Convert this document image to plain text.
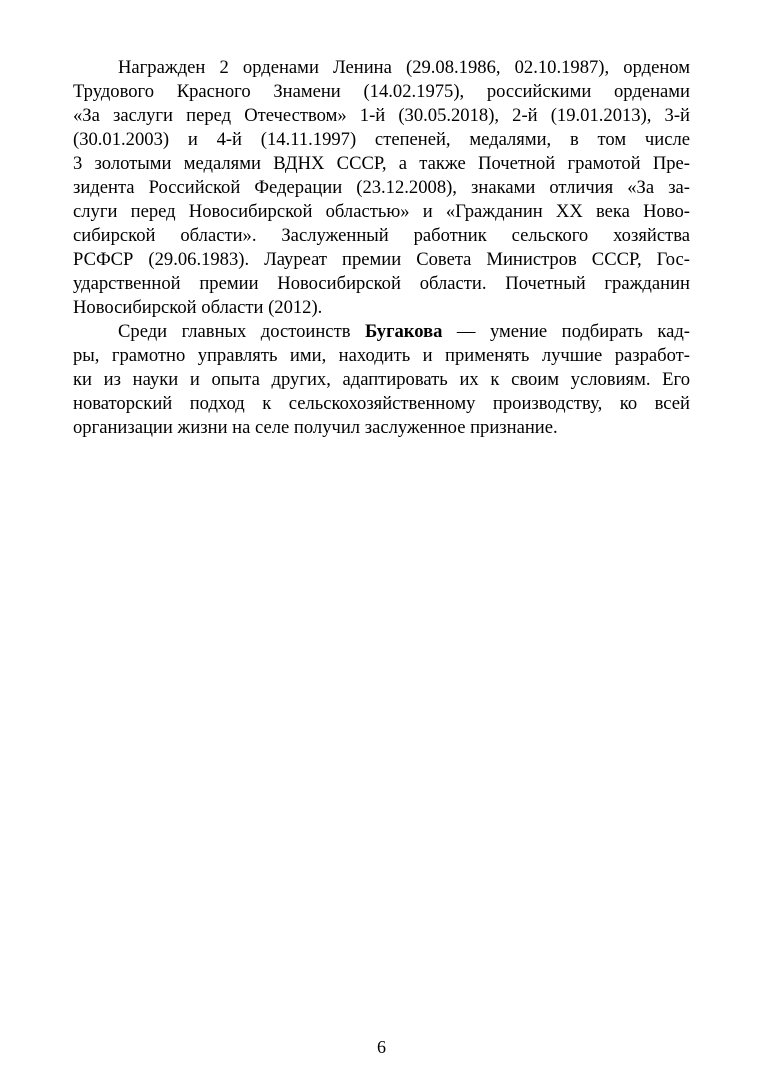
Награжден 2 орденами Ленина (29.08.1986, 02.10.1987), орденом
Трудового Красного Знамени (14.02.1975), российскими орденами
«За заслуги перед Отечеством» 1-й (30.05.2018), 2-й (19.01.2013), 3-й
(30.01.2003) и 4-й (14.11.1997) степеней, медалями, в том числе
3 золотыми медалями ВДНХ СССР, а также Почетной грамотой Пре-
зидента Российской Федерации (23.12.2008), знаками отличия «За за-
слуги перед Новосибирской областью» и «Гражданин ХХ века Ново-
сибирской области». Заслуженный работник сельского хозяйства
РСФСР (29.06.1983). Лауреат премии Совета Министров СССР, Гос-
ударственной премии Новосибирской области. Почетный гражданин
Новосибирской области (2012).
Среди главных достоинств Бугакова — умение подбирать кад-
ры, грамотно управлять ими, находить и применять лучшие разработ-
ки из науки и опыта других, адаптировать их к своим условиям. Его
новаторский подход к сельскохозяйственному производству, ко всей
организации жизни на селе получил заслуженное признание.
6
